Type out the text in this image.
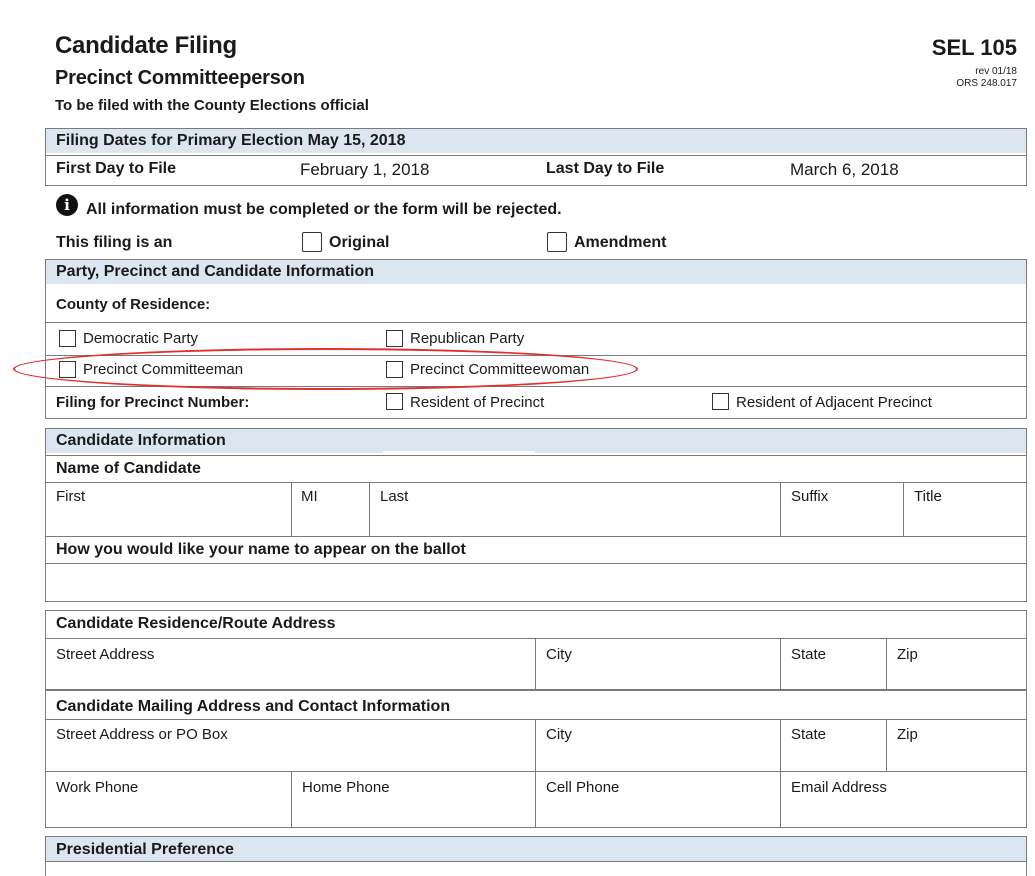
Candidate Filing
Precinct Committeeperson
To be filed with the County Elections official
SEL 105
rev 01/18
ORS 248.017
Filing Dates for Primary Election May 15, 2018
First Day to File	February 1, 2018	Last Day to File	March 6, 2018
i	All information must be completed or the form will be rejected.
This filing is an	Original	Amendment
Party, Precinct and Candidate Information
County of Residence:
Democratic Party	Republican Party
Precinct Committeeman	Precinct Committeewoman
Filing for Precinct Number:	Resident of Precinct	Resident of Adjacent Precinct
Candidate Information
Name of Candidate
First	MI	Last	Suffix	Title
How you would like your name to appear on the ballot
Candidate Residence/Route Address
Street Address	City	State	Zip
Candidate Mailing Address and Contact Information
Street Address or PO Box	City	State	Zip
Work Phone	Home Phone	Cell Phone	Email Address
Presidential Preference
